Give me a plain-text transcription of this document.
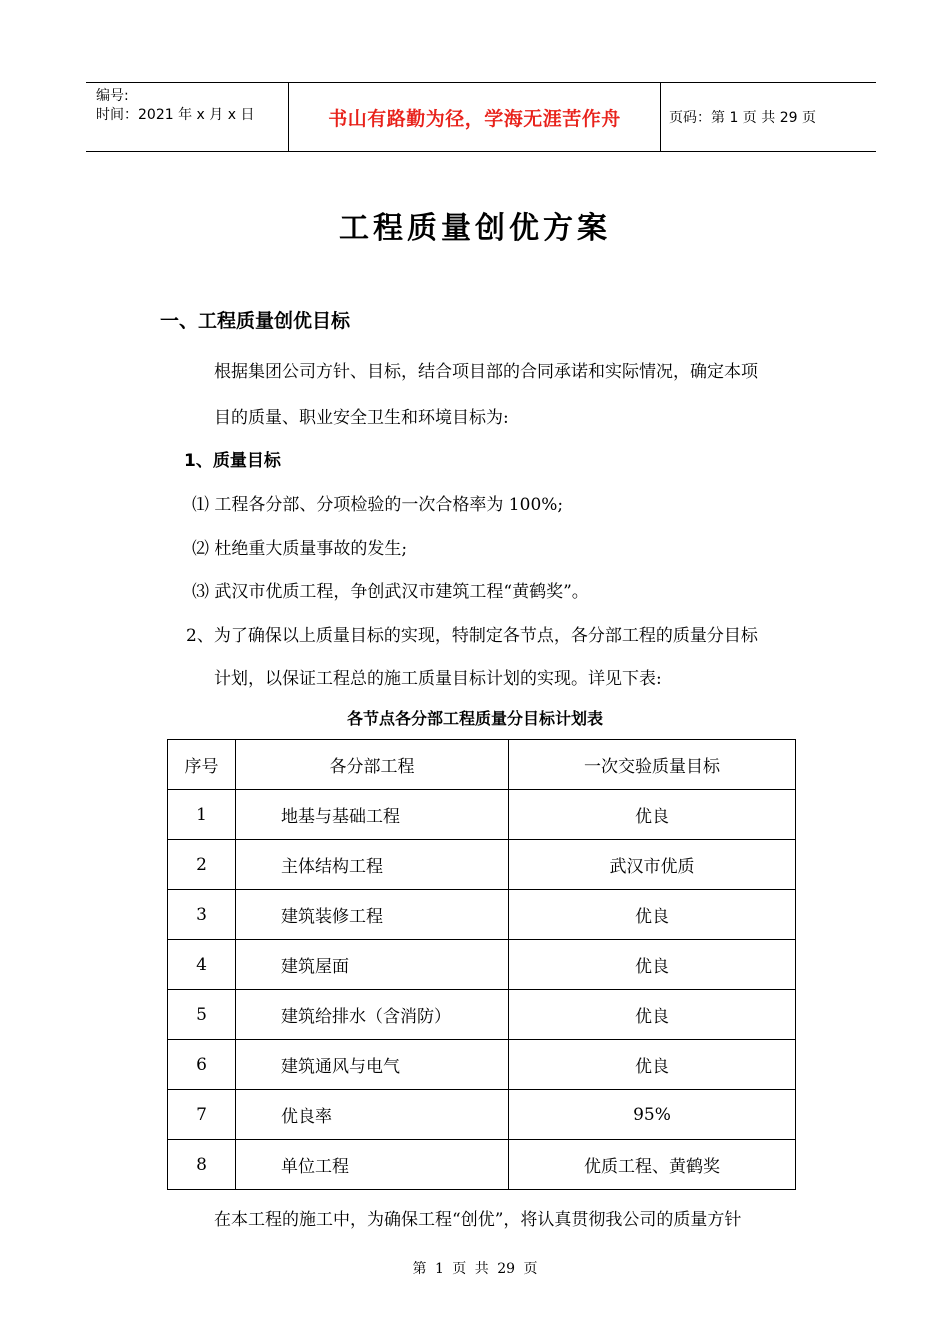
编号:
时间：2021 年 x 月 x 日	书山有路勤为径，学海无涯苦作舟	页码：第 1 页 共 29 页
工程质量创优方案
一、工程质量创优目标
根据集团公司方针、目标，结合项目部的合同承诺和实际情况，确定本项
目的质量、职业安全卫生和环境目标为:
1、质量目标
⑴ 工程各分部、分项检验的一次合格率为 100%;
⑵ 杜绝重大质量事故的发生;
⑶ 武汉市优质工程，争创武汉市建筑工程“黄鹤奖”。
2、为了确保以上质量目标的实现，特制定各节点，各分部工程的质量分目标
计划，以保证工程总的施工质量目标计划的实现。详见下表:
各节点各分部工程质量分目标计划表
序号	各分部工程	一次交验质量目标
1	地基与基础工程	优良
2	主体结构工程	武汉市优质
3	建筑装修工程	优良
4	建筑屋面	优良
5	建筑给排水（含消防）	优良
6	建筑通风与电气	优良
7	优良率	95%
8	单位工程	优质工程、黄鹤奖
在本工程的施工中，为确保工程“创优”，将认真贯彻我公司的质量方针
第 1 页 共 29 页
